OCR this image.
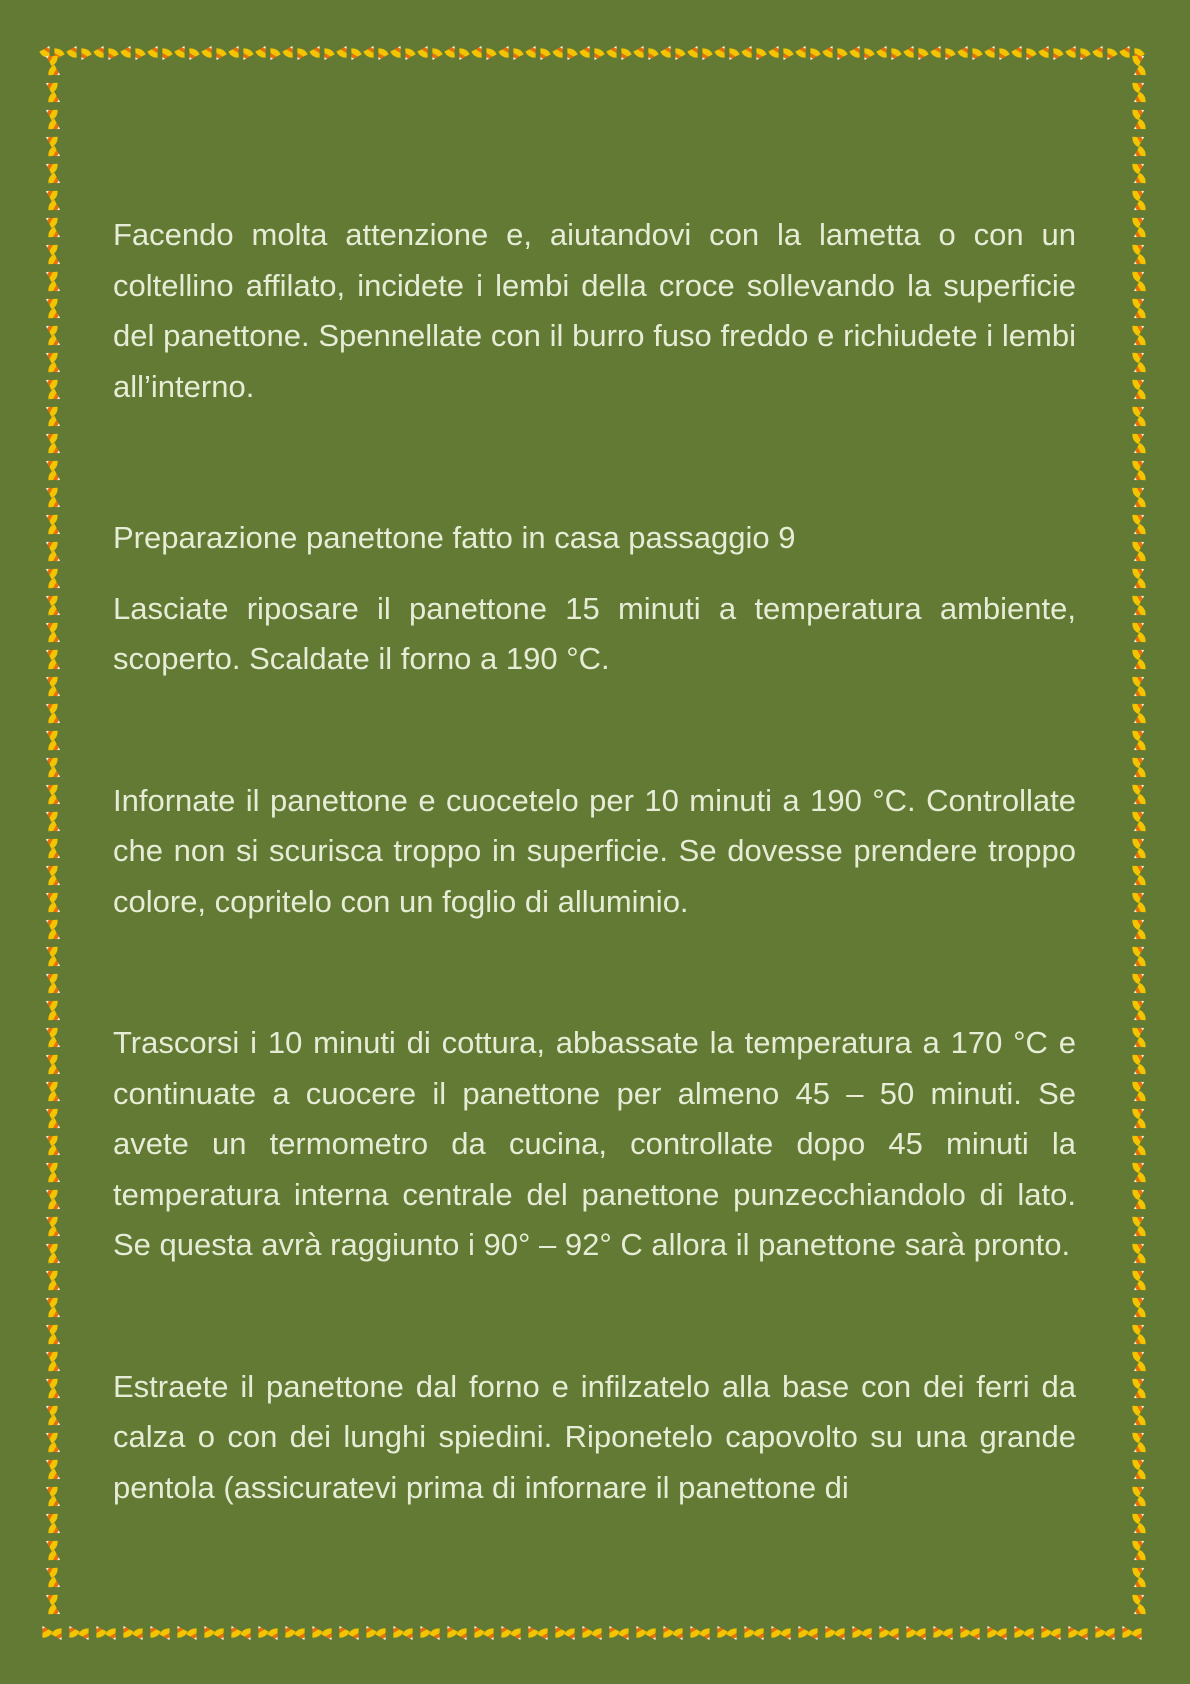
Facendo molta attenzione e, aiutandovi con la lametta o con un coltellino affilato, incidete i lembi della croce sollevando la superficie del panettone. Spennellate con il burro fuso freddo e richiudete i lembi all’interno.

Preparazione panettone fatto in casa passaggio 9

Lasciate riposare il panettone 15 minuti a temperatura ambiente, scoperto. Scaldate il forno a 190 °C.

Infornate il panettone e cuocetelo per 10 minuti a 190 °C. Controllate che non si scurisca troppo in superficie. Se dovesse prendere troppo colore, copritelo con un foglio di alluminio.

Trascorsi i 10 minuti di cottura, abbassate la temperatura a 170 °C e continuate a cuocere il panettone per almeno 45 – 50 minuti. Se avete un termometro da cucina, controllate dopo 45 minuti la temperatura interna centrale del panettone punzecchiandolo di lato. Se questa avrà raggiunto i 90° – 92° C allora il panettone sarà pronto.

Estraete il panettone dal forno e infilzatelo alla base con dei ferri da calza o con dei lunghi spiedini. Riponetelo capovolto su una grande pentola (assicuratevi prima di infornare il panettone di
